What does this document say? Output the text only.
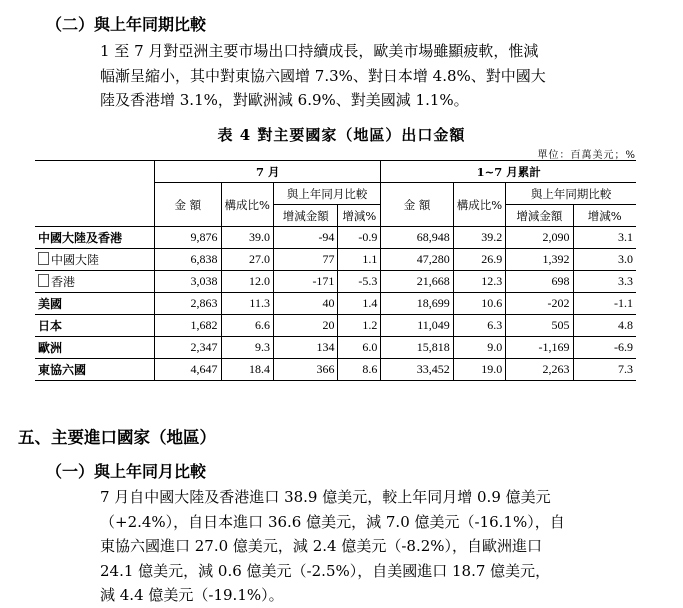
（二）與上年同期比較
1 至 7 月對亞洲主要市場出口持續成長，歐美市場雖顯疲軟，惟減
幅漸呈縮小，其中對東協六國增 7.3%、對日本增 4.8%、對中國大
陸及香港增 3.1%，對歐洲減 6.9%、對美國減 1.1%。
表 4 對主要國家（地區）出口金額
單位：百萬美元；%
	7 月				1~7 月累計			
	金 額	構成比%	與上年同月比較		金 額	構成比%	與上年同期比較	
			增減金額	增減%			增減金額	增減%
中國大陸及香港	9,876	39.0	-94	-0.9	68,948	39.2	2,090	3.1
中國大陸	6,838	27.0	77	1.1	47,280	26.9	1,392	3.0
香港	3,038	12.0	-171	-5.3	21,668	12.3	698	3.3
美國	2,863	11.3	40	1.4	18,699	10.6	-202	-1.1
日本	1,682	6.6	20	1.2	11,049	6.3	505	4.8
歐洲	2,347	9.3	134	6.0	15,818	9.0	-1,169	-6.9
東協六國	4,647	18.4	366	8.6	33,452	19.0	2,263	7.3
五、主要進口國家（地區）
（一）與上年同月比較
7 月自中國大陸及香港進口 38.9 億美元，較上年同月增 0.9 億美元
（+2.4%），自日本進口 36.6 億美元，減 7.0 億美元（-16.1%），自
東協六國進口 27.0 億美元，減 2.4 億美元（-8.2%），自歐洲進口
24.1 億美元，減 0.6 億美元（-2.5%），自美國進口 18.7 億美元，
減 4.4 億美元（-19.1%）。
